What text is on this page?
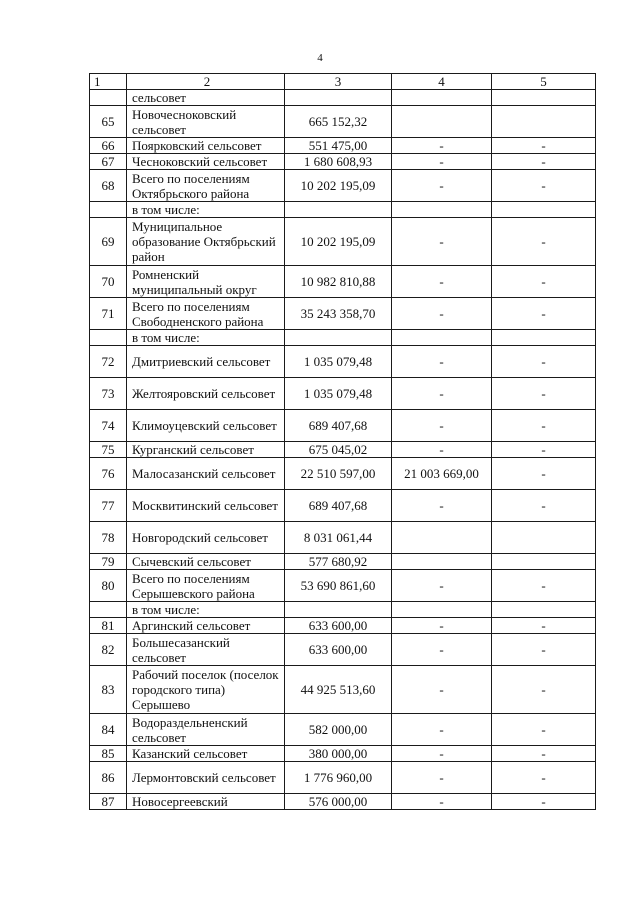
4
1	2	3	4	5
	сельсовет			
65	Новочесноковский сельсовет	665 152,32		
66	Поярковский сельсовет	551 475,00	-	-
67	Чесноковский сельсовет	1 680 608,93	-	-
68	Всего по поселениям Октябрьского района	10 202 195,09	-	-
	в том числе:			
69	Муниципальное образование Октябрьский район	10 202 195,09	-	-
70	Ромненский муниципальный округ	10 982 810,88	-	-
71	Всего по поселениям Свободненского района	35 243 358,70	-	-
	в том числе:			
72	Дмитриевский сельсовет	1 035 079,48	-	-
73	Желтояровский сельсовет	1 035 079,48	-	-
74	Климоуцевский сельсовет	689 407,68	-	-
75	Курганский сельсовет	675 045,02	-	-
76	Малосазанский сельсовет	22 510 597,00	21 003 669,00	-
77	Москвитинский сельсовет	689 407,68	-	-
78	Новгородский сельсовет	8 031 061,44		
79	Сычевский сельсовет	577 680,92		
80	Всего по поселениям Серышевского района	53 690 861,60	-	-
	в том числе:			
81	Аргинский сельсовет	633 600,00	-	-
82	Большесазанский сельсовет	633 600,00	-	-
83	Рабочий поселок (поселок городского типа) Серышево	44 925 513,60	-	-
84	Водораздельненский сельсовет	582 000,00	-	-
85	Казанский сельсовет	380 000,00	-	-
86	Лермонтовский сельсовет	1 776 960,00	-	-
87	Новосергеевский	576 000,00	-	-
